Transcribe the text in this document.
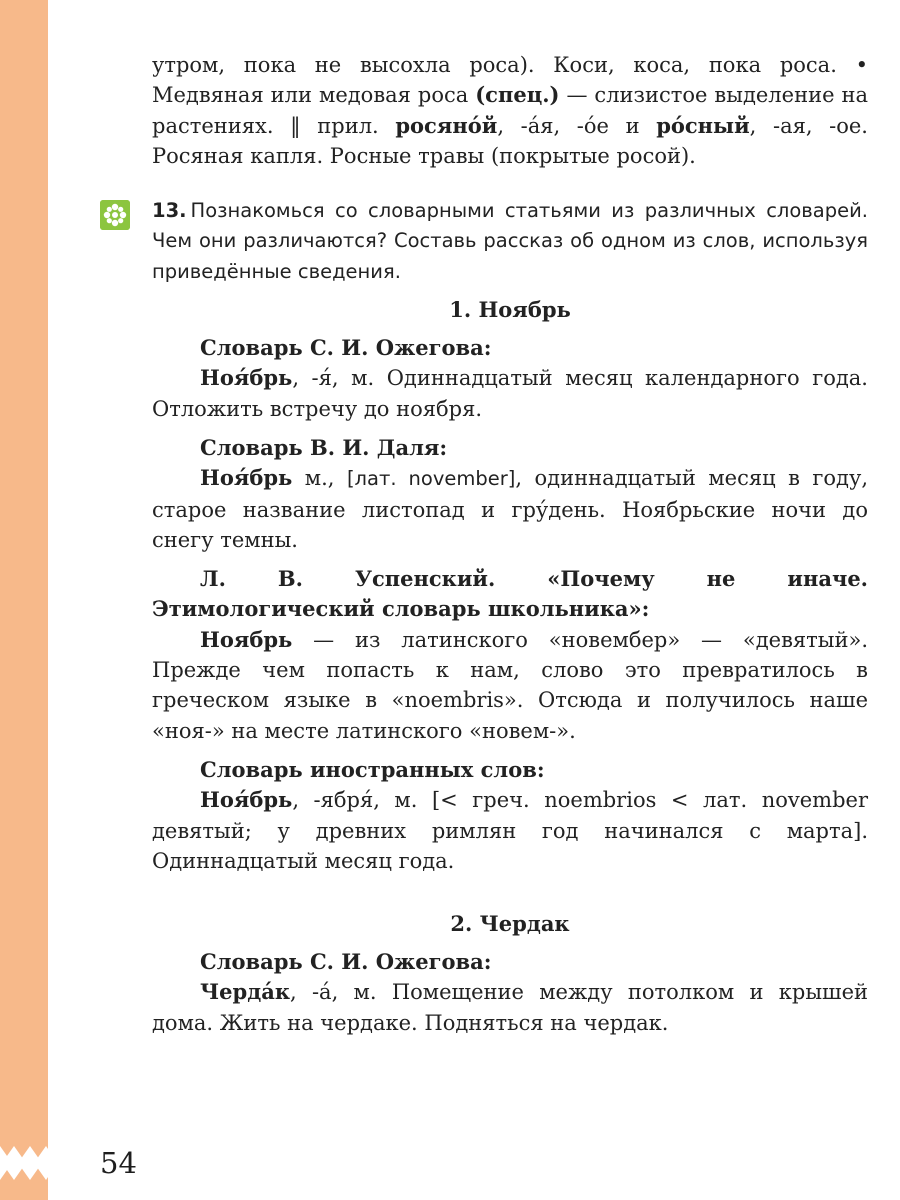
54

утром, пока не высохла роса). Коси, коса, пока роса. • Медвяная или медовая роса (спец.) — слизистое выделение на растениях. ‖ прил. росяно́й, -а́я, -о́е и ро́сный, -ая, -ое. Росяная капля. Росные травы (покрытые росой).

13. Познакомься со словарными статьями из различных словарей. Чем они различаются? Составь рассказ об одном из слов, используя приведённые сведения.
1. Ноябрь

Словарь С. И. Ожегова:

Ноя́брь, -я́, м. Одиннадцатый месяц календарного года. Отложить встречу до ноября.

Словарь В. И. Даля:

Ноя́брь м., [лат. november], одиннадцатый месяц в году, старое название листопад и гру́день. Ноябрьские ночи до снегу темны.

Л. В. Успенский. «Почему не иначе. Этимологический словарь школьника»:

Ноябрь — из латинского «новембер» — «девятый». Прежде чем попасть к нам, слово это превратилось в греческом языке в «noembris». Отсюда и получилось наше «ноя-» на месте латинского «новем-».

Словарь иностранных слов:

Ноя́брь, -ября́, м. [< греч. noembrios < лат. november девятый; у древних римлян год начинался с марта]. Одиннадцатый месяц года.

2. Чердак

Словарь С. И. Ожегова:

Черда́к, -а́, м. Помещение между потолком и крышей дома. Жить на чердаке. Подняться на чердак.
